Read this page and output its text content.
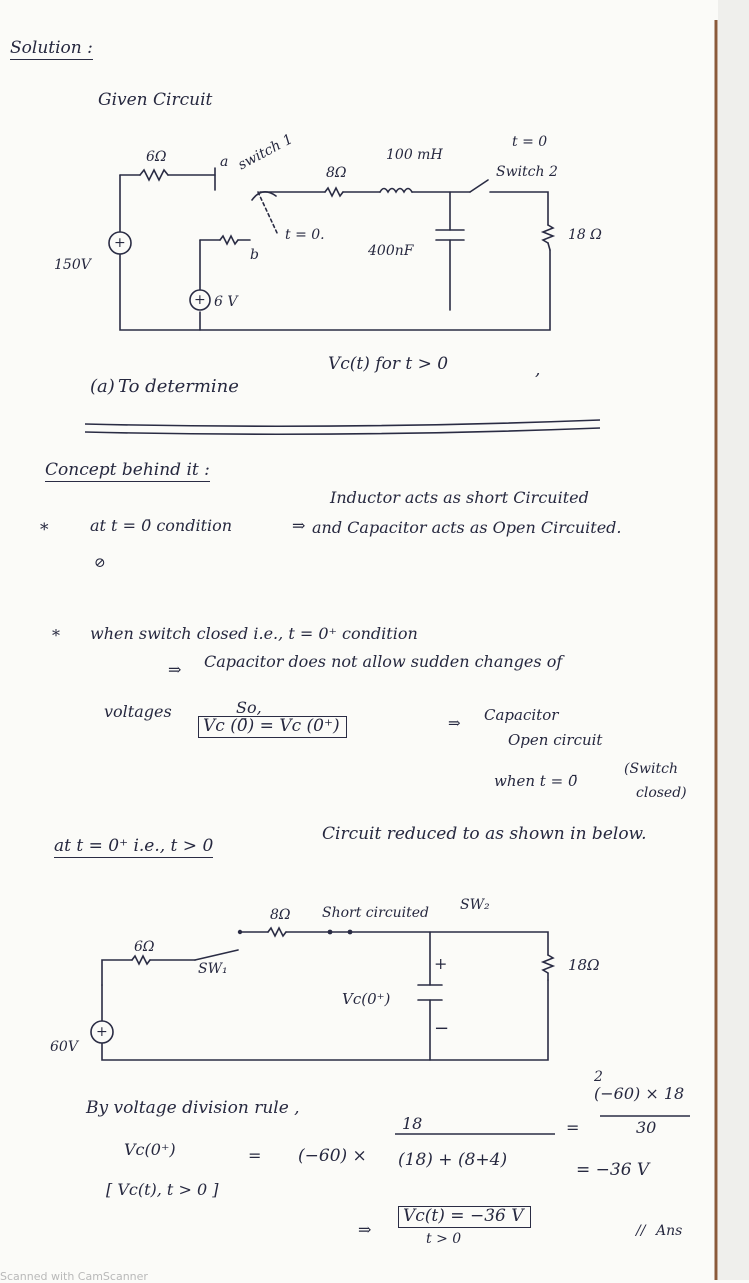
Solution :
Given Circuit
+
+
6Ω	a switch 1 8Ω
100 mH
t = 0
Switch 2
18 Ω
150V
b
t = 0.
400nF
6 V
(a) To determine
Vc(t) for t > 0	,
Concept behind it :
*	at t = 0̄ condition	⇒
Inductor acts as short Circuited
and Capacitor acts as Open Circuited.
⊘
* when switch closed i.e., t = 0⁺ condition
⇒ Capacitor does not allow sudden changes of
voltages	So,
Vc (0̄) = Vc (0⁺)	⇒ Capacitor
Open circuit
when t = 0̄
(Switch
closed)
at t = 0⁺ i.e., t > 0
Circuit reduced to as shown in below.
+
8Ω Short circuited SW₂
6Ω
SW₁	+
−
Vc(0⁺)
18Ω
60V
By voltage division rule ,
Vc(0⁺)	= (−60) ×
18
(18) + (8+4)
=
2
(−60) × 18
30
= −36 V
[ Vc(t), t > 0 ]
⇒
Vc(t) = −36 V
t > 0	Ans
//
Scanned with CamScanner
